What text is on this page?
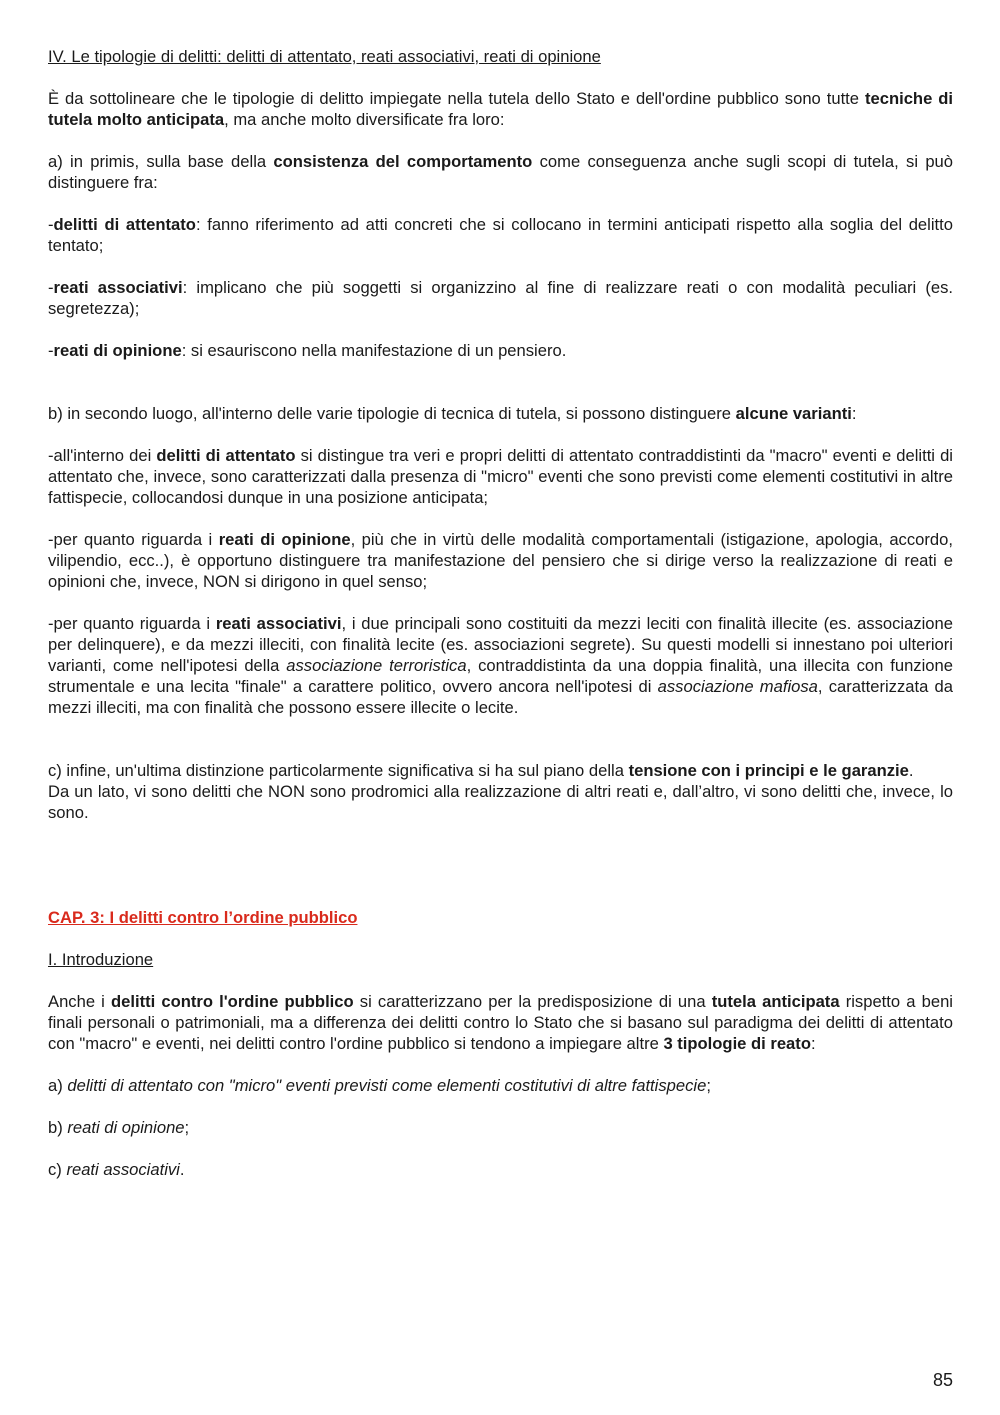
IV. Le tipologie di delitti: delitti di attentato, reati associativi, reati di opinione

È da sottolineare che le tipologie di delitto impiegate nella tutela dello Stato e dell'ordine pubblico sono tutte tecniche di tutela molto anticipata, ma anche molto diversificate fra loro:

a) in primis, sulla base della consistenza del comportamento come conseguenza anche sugli scopi di tutela, si può distinguere fra:

-delitti di attentato: fanno riferimento ad atti concreti che si collocano in termini anticipati rispetto alla soglia del delitto tentato;

-reati associativi: implicano che più soggetti si organizzino al fine di realizzare reati o con modalità peculiari (es. segretezza);

-reati di opinione: si esauriscono nella manifestazione di un pensiero.

b) in secondo luogo, all'interno delle varie tipologie di tecnica di tutela, si possono distinguere alcune varianti:

-all'interno dei delitti di attentato si distingue tra veri e propri delitti di attentato contraddistinti da "macro" eventi e delitti di attentato che, invece, sono caratterizzati dalla presenza di "micro" eventi che sono previsti come elementi costitutivi in altre fattispecie, collocandosi dunque in una posizione anticipata;

-per quanto riguarda i reati di opinione, più che in virtù delle modalità comportamentali (istigazione, apologia, accordo, vilipendio, ecc..), è opportuno distinguere tra manifestazione del pensiero che si dirige verso la realizzazione di reati e opinioni che, invece, NON si dirigono in quel senso;

-per quanto riguarda i reati associativi, i due principali sono costituiti da mezzi leciti con finalità illecite (es. associazione per delinquere), e da mezzi illeciti, con finalità lecite (es. associazioni segrete). Su questi modelli si innestano poi ulteriori varianti, come nell'ipotesi della associazione terroristica, contraddistinta da una doppia finalità, una illecita con funzione strumentale e una lecita "finale" a carattere politico, ovvero ancora nell'ipotesi di associazione mafiosa, caratterizzata da mezzi illeciti, ma con finalità che possono essere illecite o lecite.

c) infine, un'ultima distinzione particolarmente significativa si ha sul piano della tensione con i principi e le garanzie.

Da un lato, vi sono delitti che NON sono prodromici alla realizzazione di altri reati e, dall’altro, vi sono delitti che, invece, lo sono.

CAP. 3: I delitti contro l’ordine pubblico

I. Introduzione

Anche i delitti contro l'ordine pubblico si caratterizzano per la predisposizione di una tutela anticipata rispetto a beni finali personali o patrimoniali, ma a differenza dei delitti contro lo Stato che si basano sul paradigma dei delitti di attentato con "macro" e eventi, nei delitti contro l'ordine pubblico si tendono a impiegare altre 3 tipologie di reato:

a) delitti di attentato con "micro" eventi previsti come elementi costitutivi di altre fattispecie;

b) reati di opinione;

c) reati associativi.

85
